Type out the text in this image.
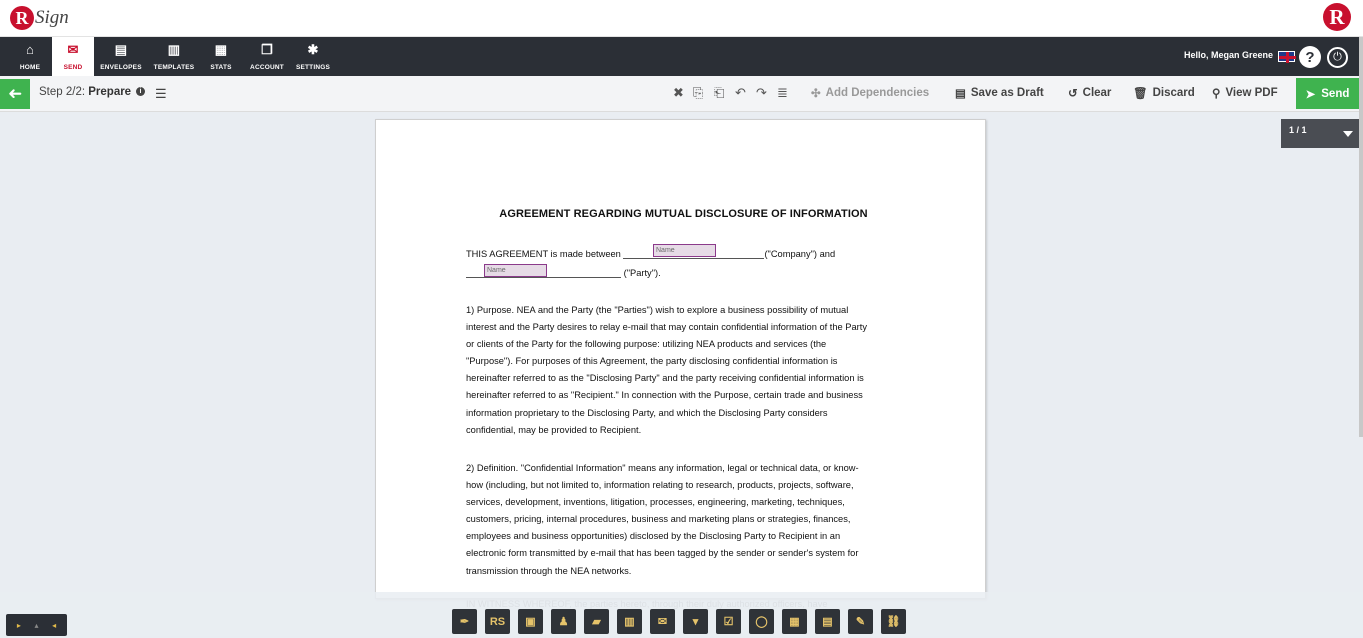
R Sign	R
⌂
HOME
✉
SEND
▤
ENVELOPES
▥
TEMPLATES
▦
STATS
❐
ACCOUNT
✱
SETTINGS
Hello, Megan Greene	?	⏻
➜ Step 2/2: Prepare	i ☰	✖ ⎘ ⎗ ↶ ↷ ≣ ✣ Add Dependencies ▤ Save as Draft ↺ Clear 🗑 Discard ⚲ View PDF ➤ Send
1 / 1
AGREEMENT REGARDING MUTUAL DISCLOSURE OF INFORMATION
THIS AGREEMENT is made between	("Company") and
Name
("Party").
Name
1) Purpose. NEA and the Party (the "Parties") wish to explore a business possibility of mutual
interest and the Party desires to relay e-mail that may contain confidential information of the Party
or clients of the Party for the following purpose: utilizing NEA products and services (the
"Purpose"). For purposes of this Agreement, the party disclosing confidential information is
hereinafter referred to as the "Disclosing Party" and the party receiving confidential information is
hereinafter referred to as "Recipient." In connection with the Purpose, certain trade and business
information proprietary to the Disclosing Party, and which the Disclosing Party considers
confidential, may be provided to Recipient.
2) Definition. "Confidential Information" means any information, legal or technical data, or know-
how (including, but not limited to, information relating to research, products, projects, software,
services, development, inventions, litigation, processes, engineering, marketing, techniques,
customers, pricing, internal procedures, business and marketing plans or strategies, finances,
employees and business opportunities) disclosed by the Disclosing Party to Recipient in an
electronic form transmitted by e-mail that has been tagged by the sender or sender's system for
transmission through the NEA networks.
▸ ▴ ◂	✒	RS	▣	♟	▰	▥	✉	▾	☑	◯	▦	▤	✎	⛓
